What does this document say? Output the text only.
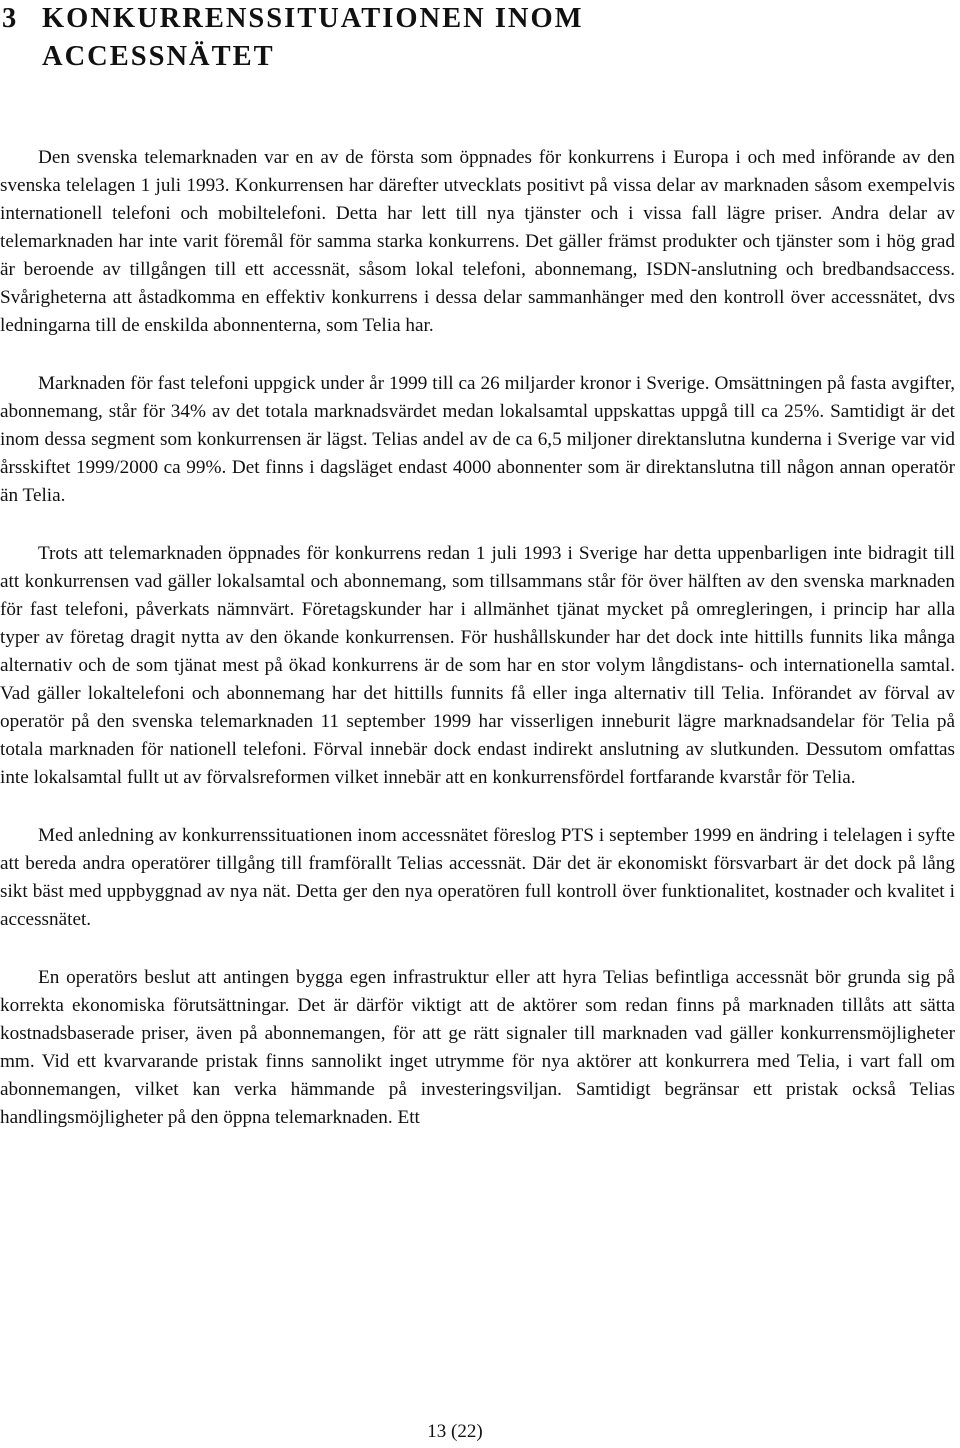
3 KONKURRENSSITUATIONEN INOM
ACCESSNÄTET

Den svenska telemarknaden var en av de första som öppnades för konkurrens i Europa i och med införande av den svenska telelagen 1 juli 1993. Konkurrensen har därefter utvecklats positivt på vissa delar av marknaden såsom exempelvis internationell telefoni och mobiltelefoni. Detta har lett till nya tjänster och i vissa fall lägre priser. Andra delar av telemarknaden har inte varit föremål för samma starka konkurrens. Det gäller främst produkter och tjänster som i hög grad är beroende av tillgången till ett accessnät, såsom lokal telefoni, abonnemang, ISDN-anslutning och bredbandsaccess. Svårigheterna att åstadkomma en effektiv konkurrens i dessa delar sammanhänger med den kontroll över accessnätet, dvs ledningarna till de enskilda abonnenterna, som Telia har.

Marknaden för fast telefoni uppgick under år 1999 till ca 26 miljarder kronor i Sverige. Omsättningen på fasta avgifter, abonnemang, står för 34% av det totala marknadsvärdet medan lokalsamtal uppskattas uppgå till ca 25%. Samtidigt är det inom dessa segment som konkurrensen är lägst. Telias andel av de ca 6,5 miljoner direktanslutna kunderna i Sverige var vid årsskiftet 1999/2000 ca 99%. Det finns i dagsläget endast 4000 abonnenter som är direktanslutna till någon annan operatör än Telia.

Trots att telemarknaden öppnades för konkurrens redan 1 juli 1993 i Sverige har detta uppenbarligen inte bidragit till att konkurrensen vad gäller lokalsamtal och abonnemang, som tillsammans står för över hälften av den svenska marknaden för fast telefoni, påverkats nämnvärt. Företagskunder har i allmänhet tjänat mycket på omregleringen, i princip har alla typer av företag dragit nytta av den ökande konkurrensen. För hushållskunder har det dock inte hittills funnits lika många alternativ och de som tjänat mest på ökad konkurrens är de som har en stor volym långdistans- och internationella samtal. Vad gäller lokaltelefoni och abonnemang har det hittills funnits få eller inga alternativ till Telia. Införandet av förval av operatör på den svenska telemarknaden 11 september 1999 har visserligen inneburit lägre marknadsandelar för Telia på totala marknaden för nationell telefoni. Förval innebär dock endast indirekt anslutning av slutkunden. Dessutom omfattas inte lokalsamtal fullt ut av förvalsreformen vilket innebär att en konkurrensfördel fortfarande kvarstår för Telia.

Med anledning av konkurrenssituationen inom accessnätet föreslog PTS i september 1999 en ändring i telelagen i syfte att bereda andra operatörer tillgång till framförallt Telias accessnät. Där det är ekonomiskt försvarbart är det dock på lång sikt bäst med uppbyggnad av nya nät. Detta ger den nya operatören full kontroll över funktionalitet, kostnader och kvalitet i accessnätet.

En operatörs beslut att antingen bygga egen infrastruktur eller att hyra Telias befintliga accessnät bör grunda sig på korrekta ekonomiska förutsättningar. Det är därför viktigt att de aktörer som redan finns på marknaden tillåts att sätta kostnadsbaserade priser, även på abonnemangen, för att ge rätt signaler till marknaden vad gäller konkurrensmöjligheter mm. Vid ett kvarvarande pristak finns sannolikt inget utrymme för nya aktörer att konkurrera med Telia, i vart fall om abonnemangen, vilket kan verka hämmande på investeringsviljan. Samtidigt begränsar ett pristak också Telias handlingsmöjligheter på den öppna telemarknaden. Ett

13 (22)
